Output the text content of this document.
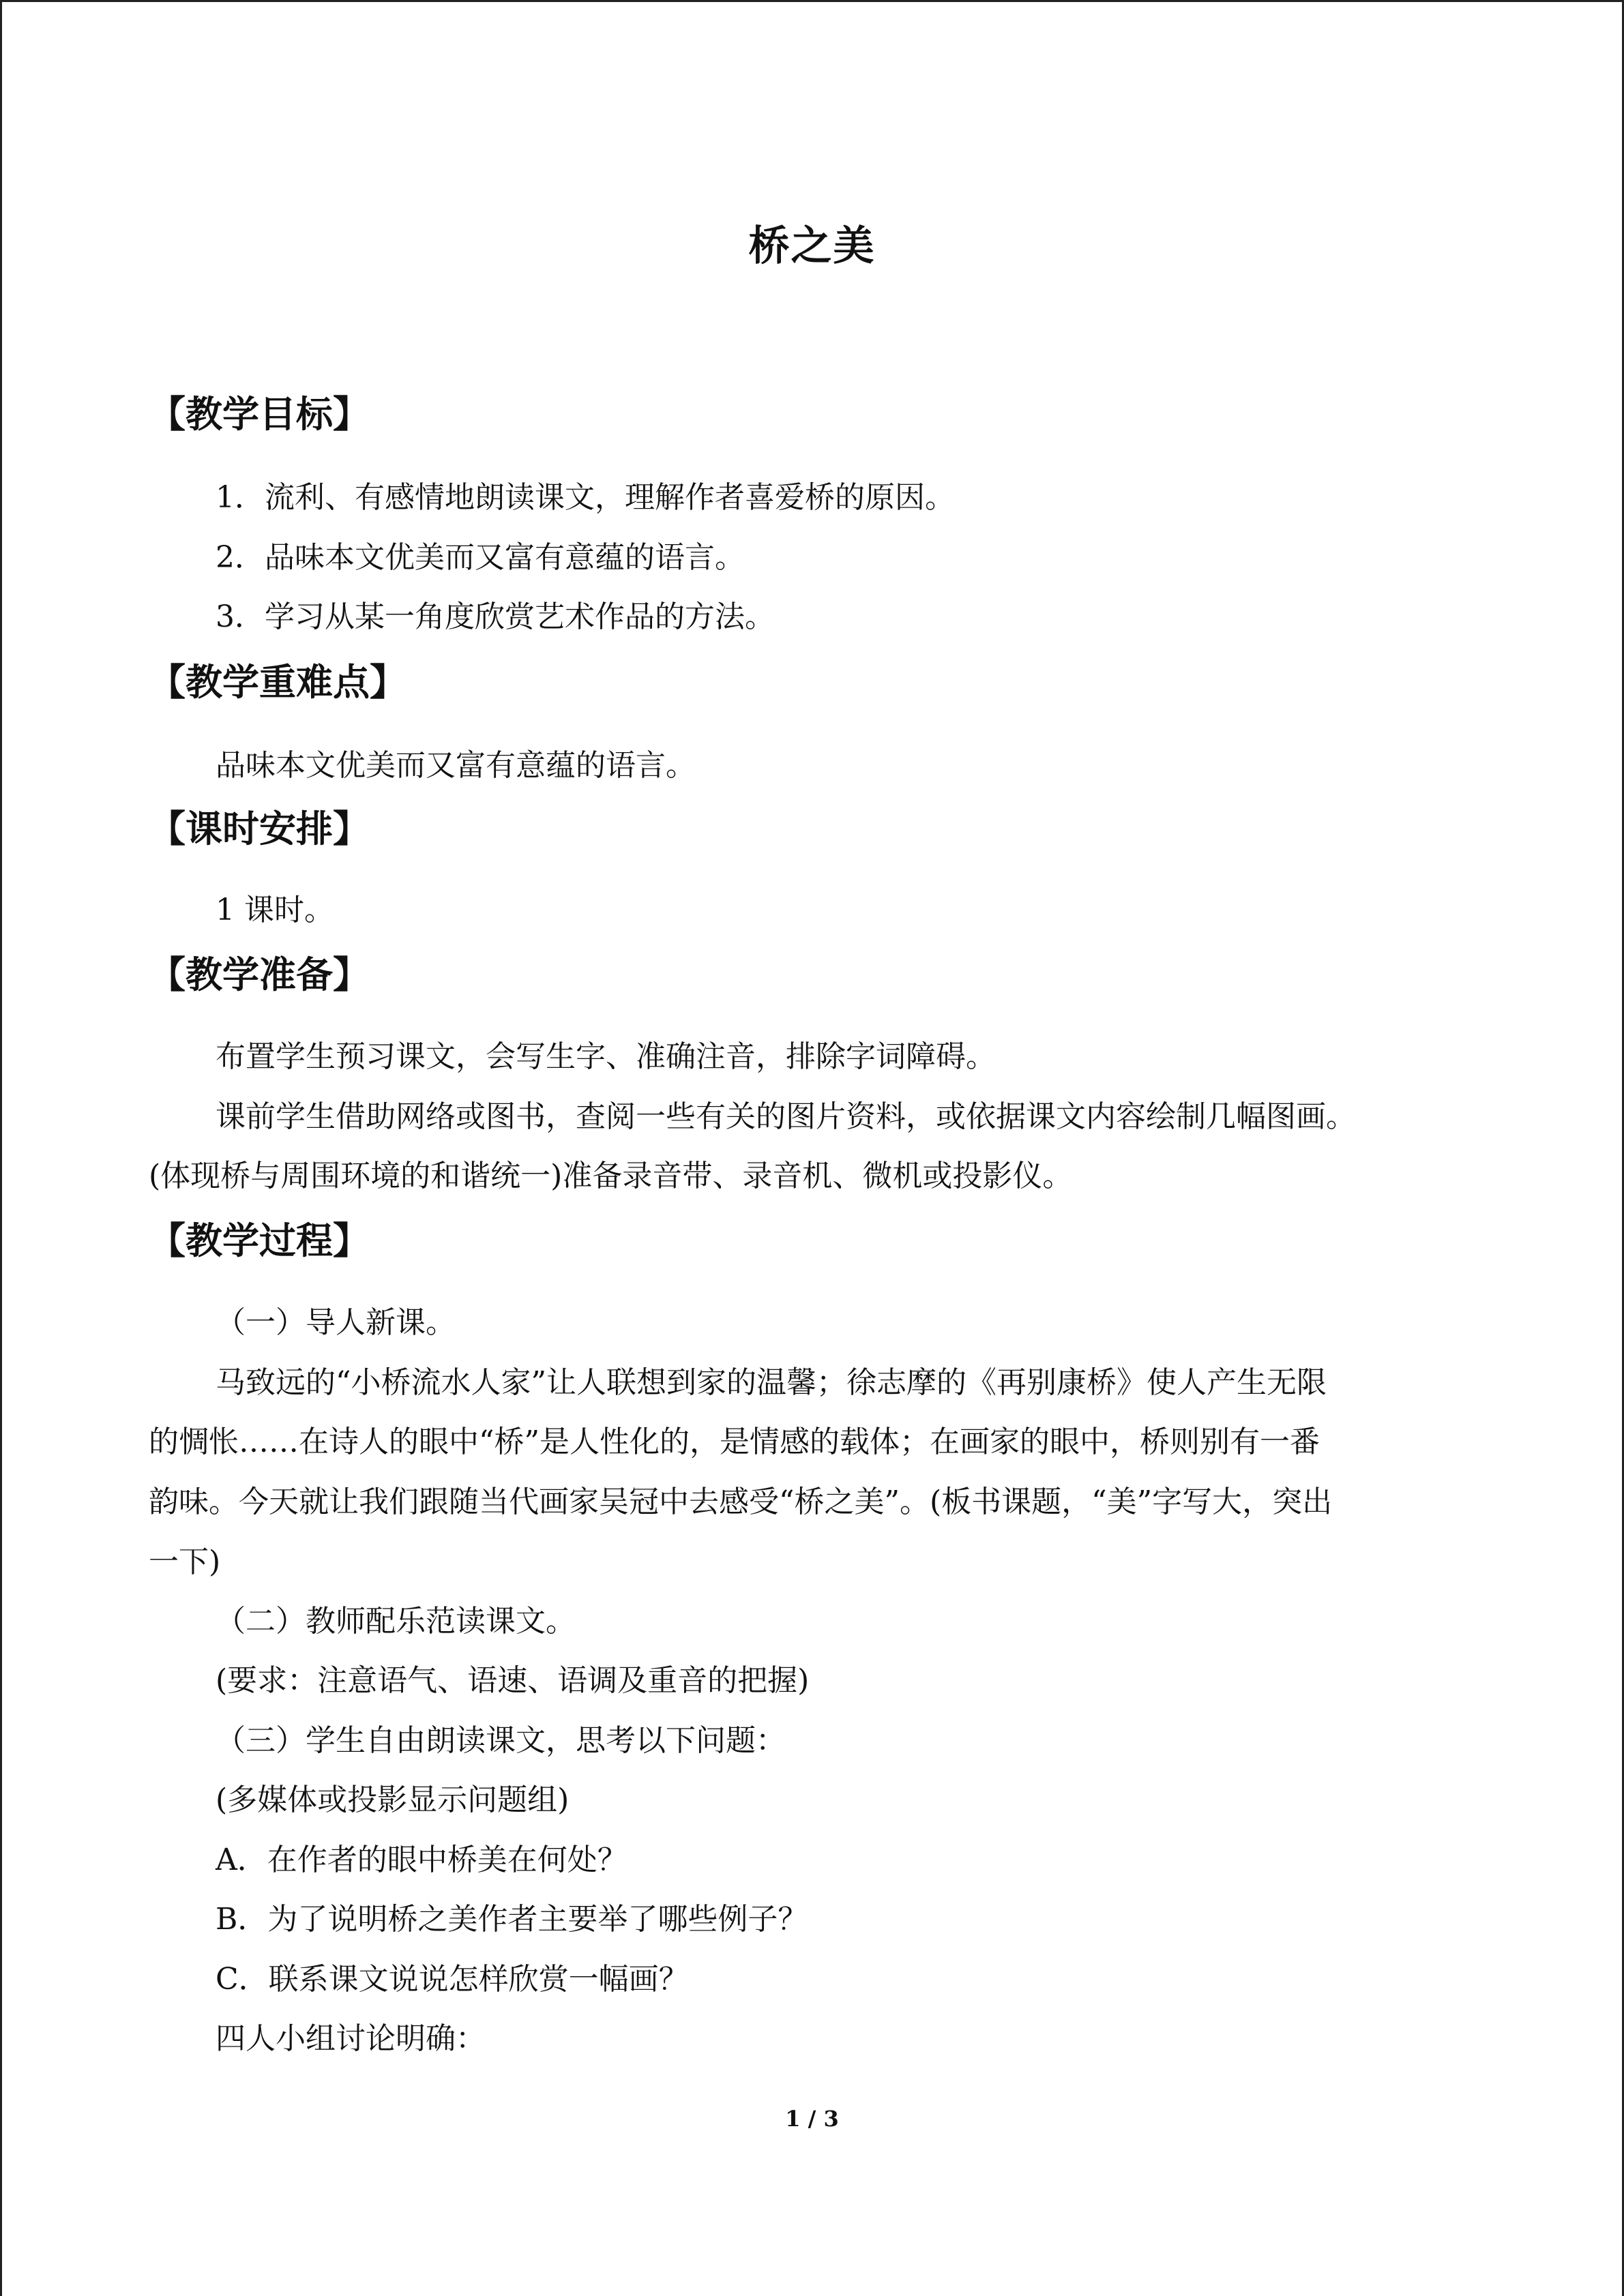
桥之美
【教学目标】
1．流利、有感情地朗读课文，理解作者喜爱桥的原因。
2．品味本文优美而又富有意蕴的语言。
3．学习从某一角度欣赏艺术作品的方法。
【教学重难点】
品味本文优美而又富有意蕴的语言。
【课时安排】
1 课时。
【教学准备】
布置学生预习课文，会写生字、准确注音，排除字词障碍。
课前学生借助网络或图书，查阅一些有关的图片资料，或依据课文内容绘制几幅图画。
(体现桥与周围环境的和谐统一)准备录音带、录音机、微机或投影仪。
【教学过程】
（一）导人新课。
马致远的“小桥流水人家”让人联想到家的温馨；徐志摩的《再别康桥》使人产生无限
的惆怅……在诗人的眼中“桥”是人性化的，是情感的载体；在画家的眼中，桥则别有一番
韵味。今天就让我们跟随当代画家吴冠中去感受“桥之美”。(板书课题，“美”字写大，突出
一下)
（二）教师配乐范读课文。
(要求：注意语气、语速、语调及重音的把握)
（三）学生自由朗读课文，思考以下问题：
(多媒体或投影显示问题组)
A．在作者的眼中桥美在何处？
B．为了说明桥之美作者主要举了哪些例子？
C．联系课文说说怎样欣赏一幅画？
四人小组讨论明确：
1 / 3
